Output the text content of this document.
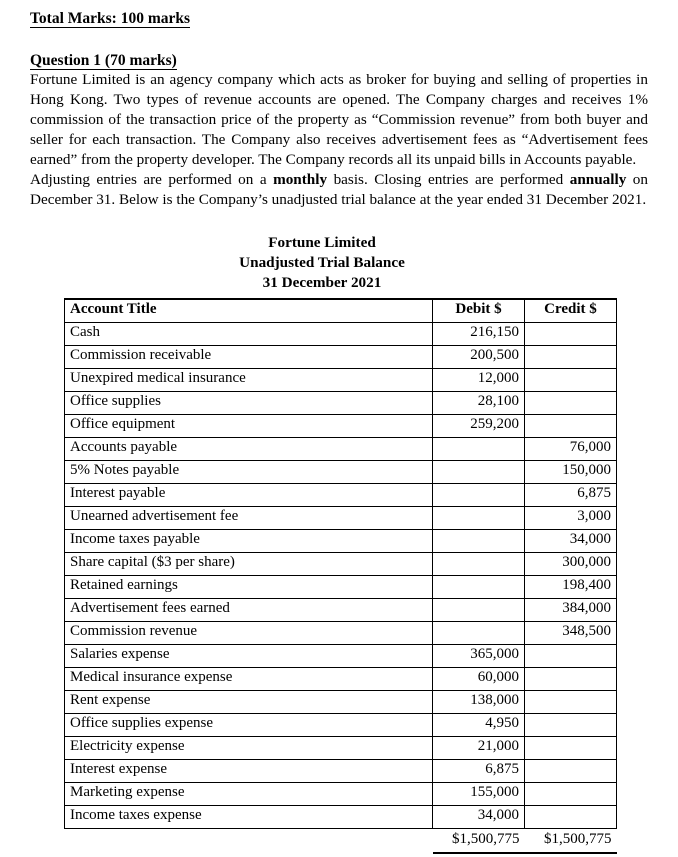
Total Marks: 100 marks
Question 1 (70 marks)

Fortune Limited is an agency company which acts as broker for buying and selling of properties in Hong Kong. Two types of revenue accounts are opened. The Company charges and receives 1% commission of the transaction price of the property as “Commission revenue” from both buyer and seller for each transaction. The Company also receives advertisement fees as “Advertisement fees earned” from the property developer. The Company records all its unpaid bills in Accounts payable.

Adjusting entries are performed on a monthly basis. Closing entries are performed annually on December 31. Below is the Company’s unadjusted trial balance at the year ended 31 December 2021.

Fortune Limited
Unadjusted Trial Balance
31 December 2021
Account Title	Debit $	Credit $
Cash	216,150	
Commission receivable	200,500	
Unexpired medical insurance	12,000	
Office supplies	28,100	
Office equipment	259,200	
Accounts payable		76,000
5% Notes payable		150,000
Interest payable		6,875
Unearned advertisement fee		3,000
Income taxes payable		34,000
Share capital ($3 per share)		300,000
Retained earnings		198,400
Advertisement fees earned		384,000
Commission revenue		348,500
Salaries expense	365,000	
Medical insurance expense	60,000	
Rent expense	138,000	
Office supplies expense	4,950	
Electricity expense	21,000	
Interest expense	6,875	
Marketing expense	155,000	
Income taxes expense	34,000	
	$1,500,775	$1,500,775
